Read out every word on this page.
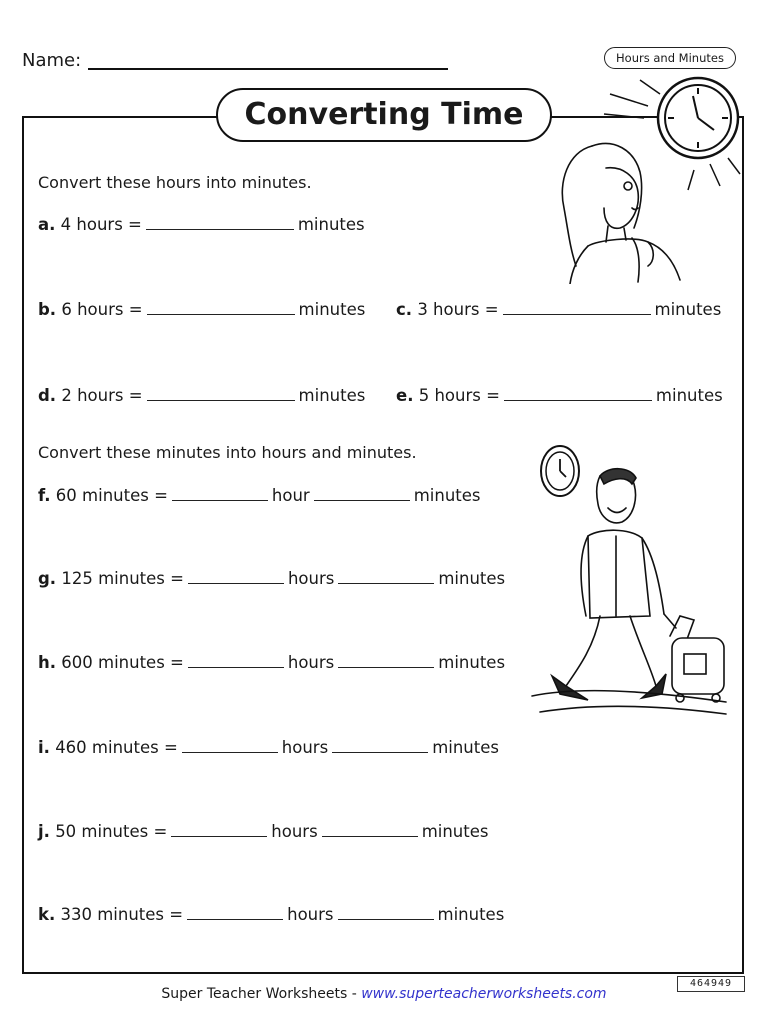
Name:	Hours and Minutes
Converting Time
Convert these hours into minutes.
a. 4 hours =	minutes
b. 6 hours =	minutes c. 3 hours =	minutes
d. 2 hours =	minutes e. 5 hours =	minutes
Convert these minutes into hours and minutes.
f. 60 minutes =	hour	minutes
g. 125 minutes =	hours	minutes
h. 600 minutes =	hours	minutes
i. 460 minutes =	hours	minutes
j. 50 minutes =	hours	minutes
k. 330 minutes =	hours	minutes
Super Teacher Worksheets - www.superteacherworksheets.com
464949
